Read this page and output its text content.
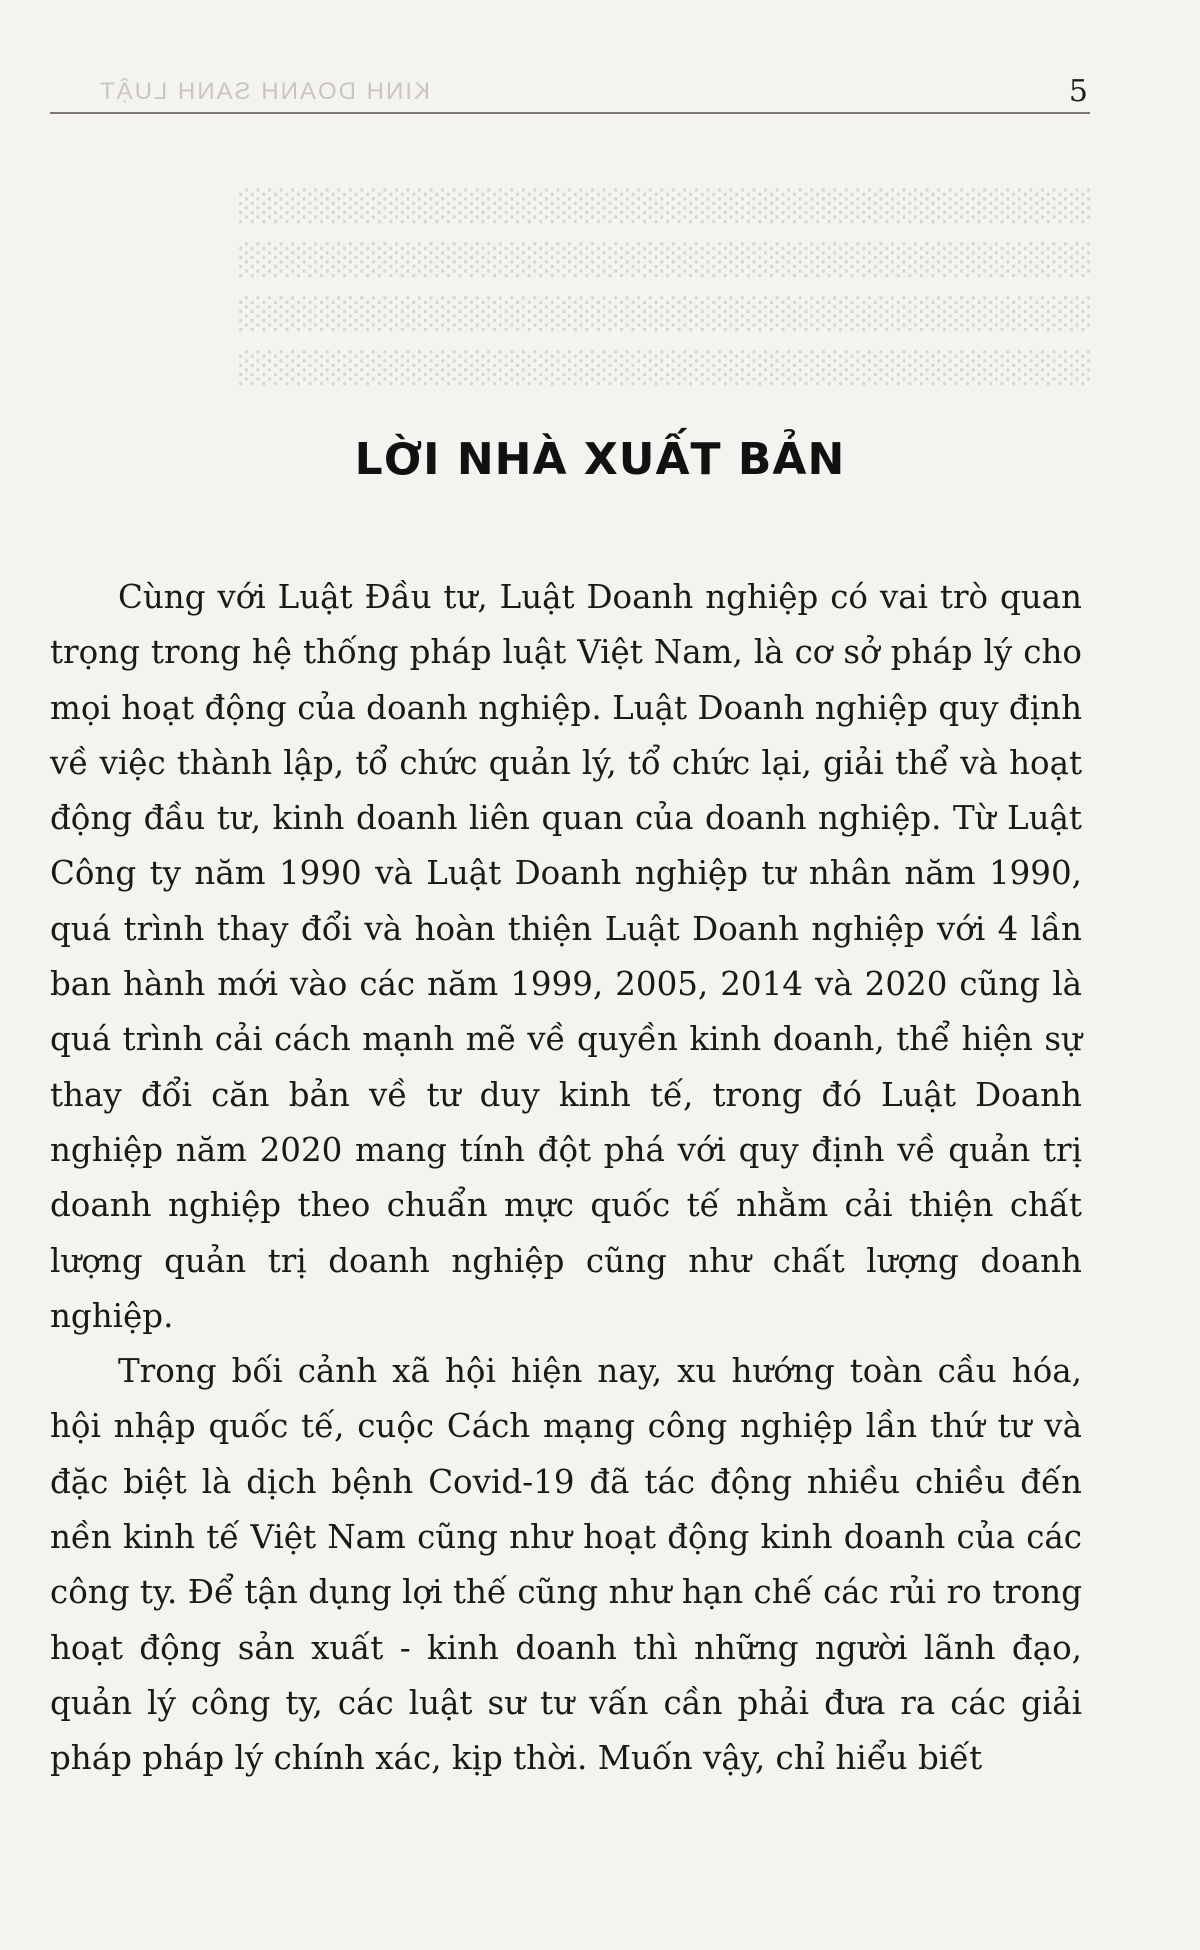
░░░░░░░░░░░░░░░░░░░░░░░░░░░░░░░░░░░░░
░░░░░░░░░░░░░░░░░░░░░░░░░░░░░░░░░░░░░
░░░░░░░░░░░░░░░░░░░░░░░░░░░░░░░░░░░░░
░░░░░░░░░░░░░░░░░░░░░░░░░░░░░░░░░░░░░
KINH DOANH SANH LUẬT	5
LỜI NHÀ XUẤT BẢN

Cùng với Luật Đầu tư, Luật Doanh nghiệp có vai trò quan trọng trong hệ thống pháp luật Việt Nam, là cơ sở pháp lý cho mọi hoạt động của doanh nghiệp. Luật Doanh nghiệp quy định về việc thành lập, tổ chức quản lý, tổ chức lại, giải thể và hoạt động đầu tư, kinh doanh liên quan của doanh nghiệp. Từ Luật Công ty năm 1990 và Luật Doanh nghiệp tư nhân năm 1990, quá trình thay đổi và hoàn thiện Luật Doanh nghiệp với 4 lần ban hành mới vào các năm 1999, 2005, 2014 và 2020 cũng là quá trình cải cách mạnh mẽ về quyền kinh doanh, thể hiện sự thay đổi căn bản về tư duy kinh tế, trong đó Luật Doanh nghiệp năm 2020 mang tính đột phá với quy định về quản trị doanh nghiệp theo chuẩn mực quốc tế nhằm cải thiện chất lượng quản trị doanh nghiệp cũng như chất lượng doanh nghiệp.

Trong bối cảnh xã hội hiện nay, xu hướng toàn cầu hóa, hội nhập quốc tế, cuộc Cách mạng công nghiệp lần thứ tư và đặc biệt là dịch bệnh Covid-19 đã tác động nhiều chiều đến nền kinh tế Việt Nam cũng như hoạt động kinh doanh của các công ty. Để tận dụng lợi thế cũng như hạn chế các rủi ro trong hoạt động sản xuất - kinh doanh thì những người lãnh đạo, quản lý công ty, các luật sư tư vấn cần phải đưa ra các giải pháp pháp lý chính xác, kịp thời. Muốn vậy, chỉ hiểu biết
